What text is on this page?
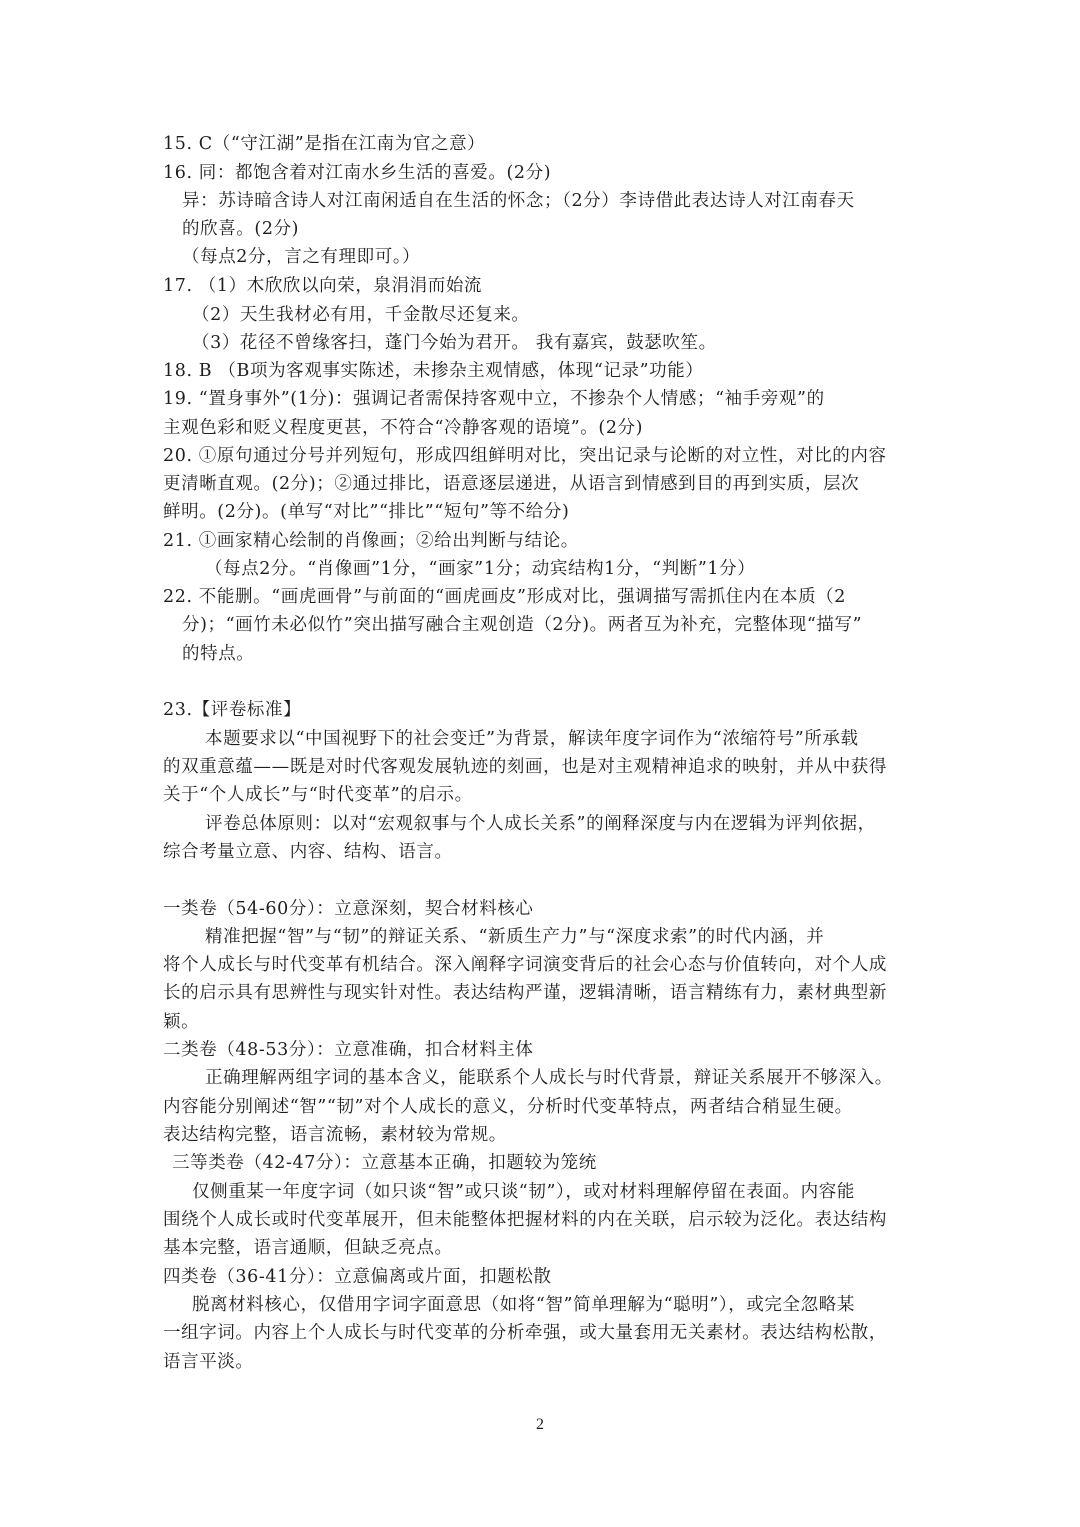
15. C（“守江湖”是指在江南为官之意）
16. 同：都饱含着对江南水乡生活的喜爱。(2分)
异：苏诗暗含诗人对江南闲适自在生活的怀念；（2分）李诗借此表达诗人对江南春天
的欣喜。(2分)
（每点2分，言之有理即可。）
17. （1）木欣欣以向荣，泉涓涓而始流
（2）天生我材必有用，千金散尽还复来。
（3）花径不曾缘客扫，蓬门今始为君开。 我有嘉宾，鼓瑟吹笙。
18. B （B项为客观事实陈述，未掺杂主观情感，体现“记录”功能）
19. “置身事外”(1分)：强调记者需保持客观中立，不掺杂个人情感；“袖手旁观”的
主观色彩和贬义程度更甚，不符合“冷静客观的语境”。(2分)
20. ①原句通过分号并列短句，形成四组鲜明对比，突出记录与论断的对立性，对比的内容
更清晰直观。(2分)；②通过排比，语意逐层递进，从语言到情感到目的再到实质，层次
鲜明。(2分)。(单写“对比”“排比”“短句”等不给分)
21. ①画家精心绘制的肖像画；②给出判断与结论。
（每点2分。“肖像画”1分，“画家”1分；动宾结构1分，“判断”1分）
22. 不能删。“画虎画骨”与前面的“画虎画皮”形成对比，强调描写需抓住内在本质（2
分)；“画竹未必似竹”突出描写融合主观创造（2分)。两者互为补充，完整体现“描写”
的特点。
23.【评卷标准】
本题要求以“中国视野下的社会变迁”为背景，解读年度字词作为“浓缩符号”所承载
的双重意蕴——既是对时代客观发展轨迹的刻画，也是对主观精神追求的映射，并从中获得
关于“个人成长”与“时代变革”的启示。
评卷总体原则：以对“宏观叙事与个人成长关系”的阐释深度与内在逻辑为评判依据，
综合考量立意、内容、结构、语言。
一类卷（54-60分）：立意深刻，契合材料核心
精准把握“智”与“韧”的辩证关系、“新质生产力”与“深度求索”的时代内涵，并
将个人成长与时代变革有机结合。深入阐释字词演变背后的社会心态与价值转向，对个人成
长的启示具有思辨性与现实针对性。表达结构严谨，逻辑清晰，语言精练有力，素材典型新
颖。
二类卷（48-53分）：立意准确，扣合材料主体
正确理解两组字词的基本含义，能联系个人成长与时代背景，辩证关系展开不够深入。
内容能分别阐述“智”“韧”对个人成长的意义，分析时代变革特点，两者结合稍显生硬。
表达结构完整，语言流畅，素材较为常规。
三等类卷（42-47分）：立意基本正确，扣题较为笼统
仅侧重某一年度字词（如只谈“智”或只谈“韧”），或对材料理解停留在表面。内容能
围绕个人成长或时代变革展开，但未能整体把握材料的内在关联，启示较为泛化。表达结构
基本完整，语言通顺，但缺乏亮点。
四类卷（36-41分）：立意偏离或片面，扣题松散
脱离材料核心，仅借用字词字面意思（如将“智”简单理解为“聪明”），或完全忽略某
一组字词。内容上个人成长与时代变革的分析牵强，或大量套用无关素材。表达结构松散，
语言平淡。
2
